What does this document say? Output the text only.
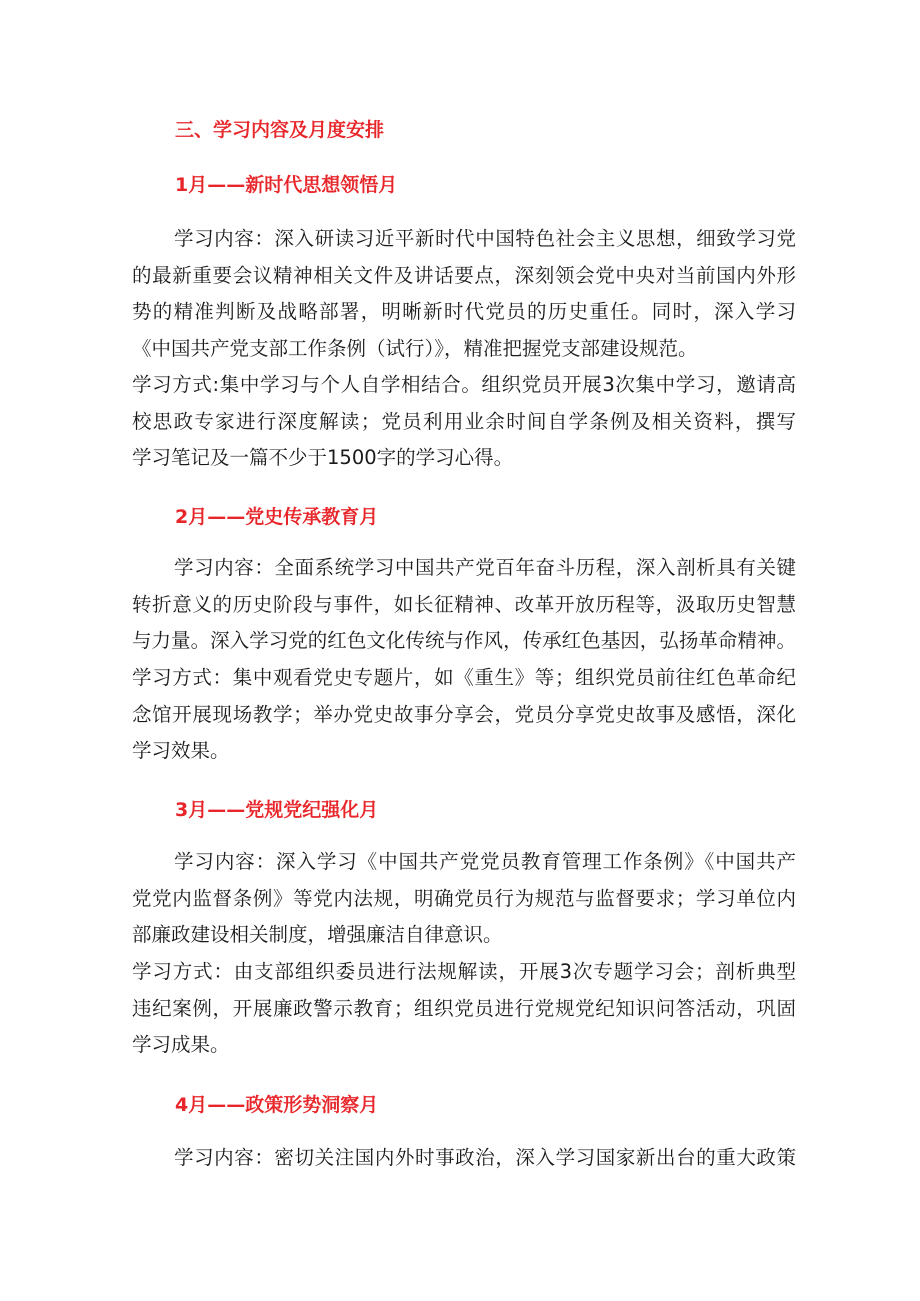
三、学习内容及月度安排
1月——新时代思想领悟月
学习内容：深入研读习近平新时代中国特色社会主义思想，细致学习党
的最新重要会议精神相关文件及讲话要点，深刻领会党中央对当前国内外形
势的精准判断及战略部署，明晰新时代党员的历史重任。同时，深入学习
《中国共产党支部工作条例（试行）》，精准把握党支部建设规范。
学习方式:集中学习与个人自学相结合。组织党员开展3次集中学习，邀请高
校思政专家进行深度解读；党员利用业余时间自学条例及相关资料，撰写
学习笔记及一篇不少于1500字的学习心得。
2月——党史传承教育月
学习内容：全面系统学习中国共产党百年奋斗历程，深入剖析具有关键
转折意义的历史阶段与事件，如长征精神、改革开放历程等，汲取历史智慧
与力量。深入学习党的红色文化传统与作风，传承红色基因，弘扬革命精神。
学习方式：集中观看党史专题片，如《重生》等；组织党员前往红色革命纪
念馆开展现场教学；举办党史故事分享会，党员分享党史故事及感悟，深化
学习效果。
3月——党规党纪强化月
学习内容：深入学习《中国共产党党员教育管理工作条例》《中国共产
党党内监督条例》等党内法规，明确党员行为规范与监督要求；学习单位内
部廉政建设相关制度，增强廉洁自律意识。
学习方式：由支部组织委员进行法规解读，开展3次专题学习会；剖析典型
违纪案例，开展廉政警示教育；组织党员进行党规党纪知识问答活动，巩固
学习成果。
4月——政策形势洞察月
学习内容：密切关注国内外时事政治，深入学习国家新出台的重大政策
